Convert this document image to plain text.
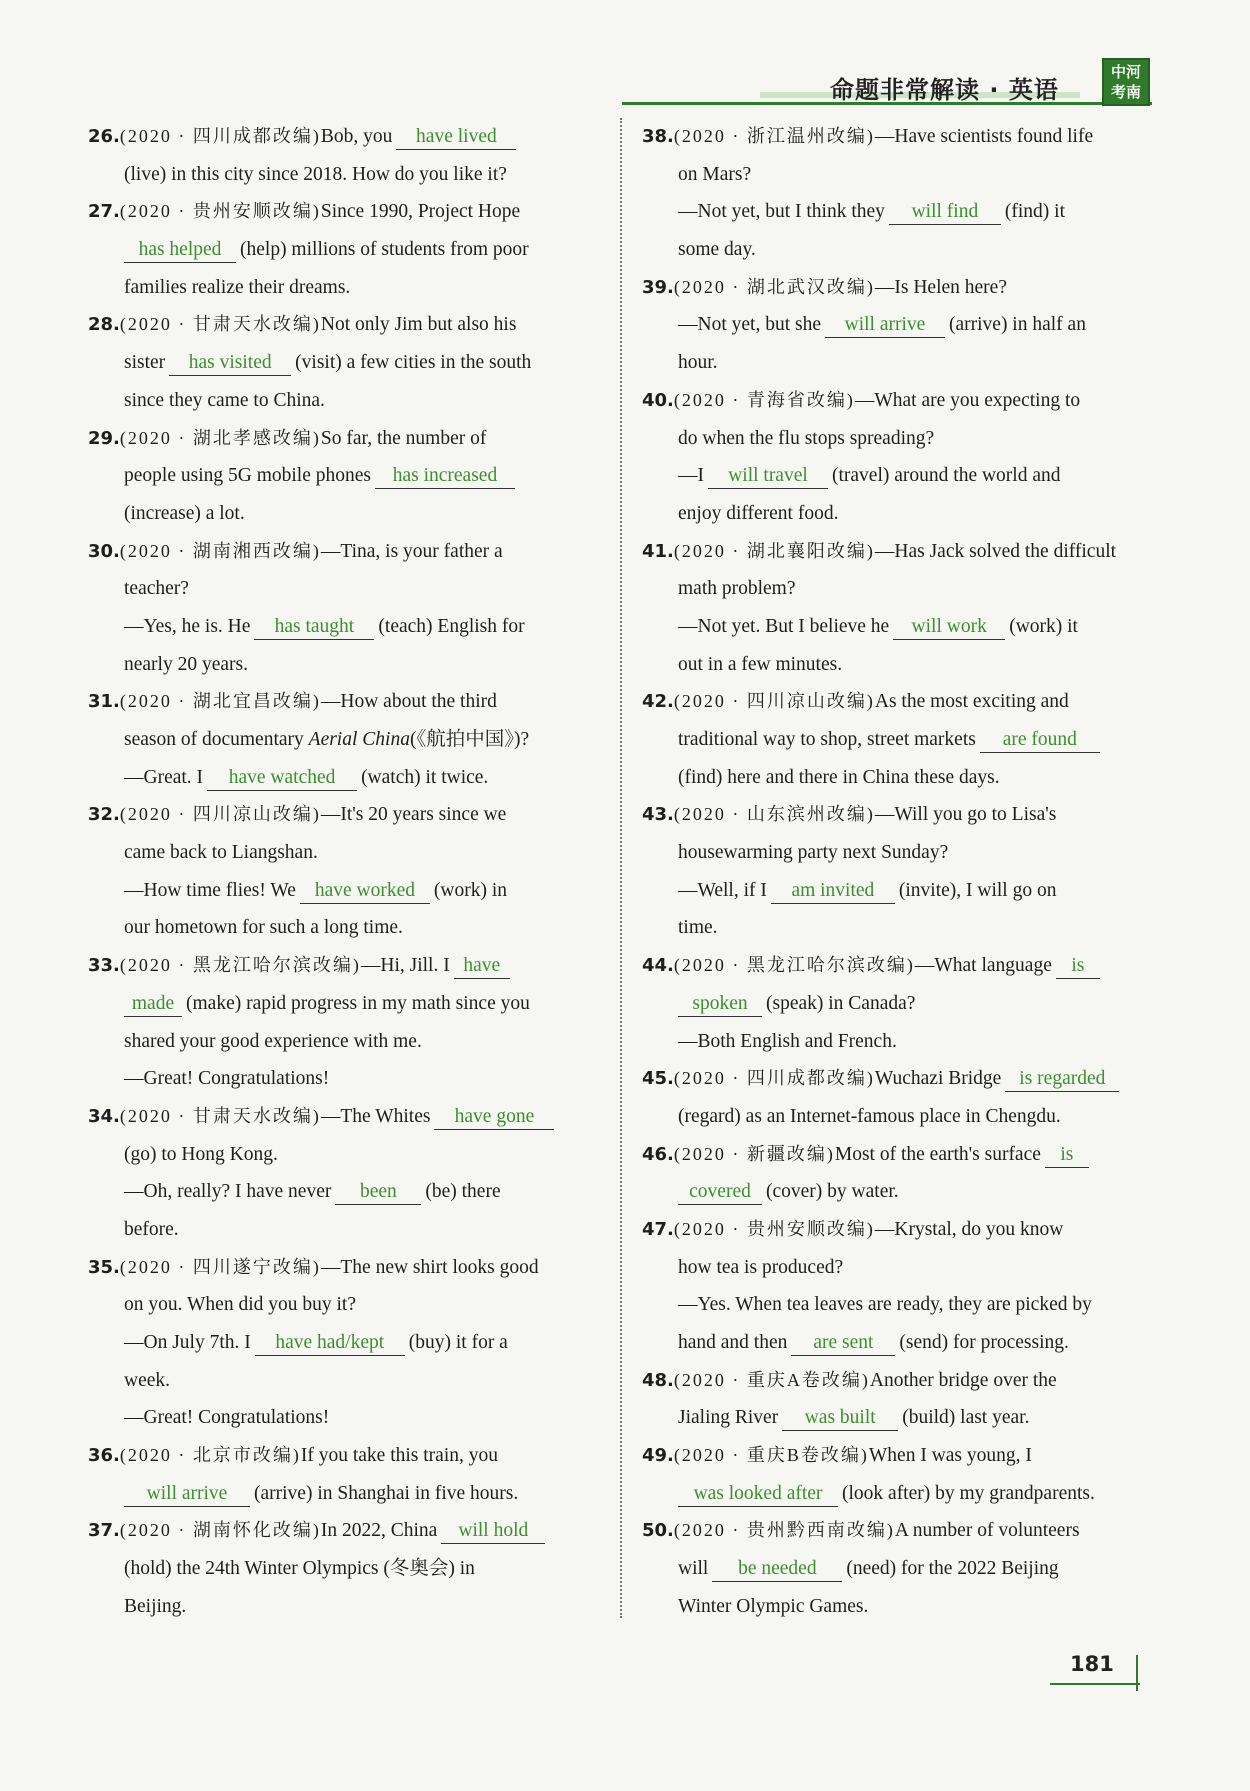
命题非常解读 · 英语
中河考南
26.(2020 · 四川成都改编)Bob, you have lived
(live) in this city since 2018. How do you like it?
27.(2020 · 贵州安顺改编)Since 1990, Project Hope
has helped (help) millions of students from poor
families realize their dreams.
28.(2020 · 甘肃天水改编)Not only Jim but also his
sister has visited (visit) a few cities in the south
since they came to China.
29.(2020 · 湖北孝感改编)So far, the number of
people using 5G mobile phones has increased
(increase) a lot.
30.(2020 · 湖南湘西改编)—Tina, is your father a
teacher?
—Yes, he is. He has taught (teach) English for
nearly 20 years.
31.(2020 · 湖北宜昌改编)—How about the third
season of documentary Aerial China(《航拍中国》)?
—Great. I have watched (watch) it twice.
32.(2020 · 四川凉山改编)—It's 20 years since we
came back to Liangshan.
—How time flies! We have worked (work) in
our hometown for such a long time.
33.(2020 · 黑龙江哈尔滨改编)—Hi, Jill. I have
made (make) rapid progress in my math since you
shared your good experience with me.
—Great! Congratulations!
34.(2020 · 甘肃天水改编)—The Whites have gone
(go) to Hong Kong.
—Oh, really? I have never been (be) there
before.
35.(2020 · 四川遂宁改编)—The new shirt looks good
on you. When did you buy it?
—On July 7th. I have had/kept (buy) it for a
week.
—Great! Congratulations!
36.(2020 · 北京市改编)If you take this train, you
will arrive (arrive) in Shanghai in five hours.
37.(2020 · 湖南怀化改编)In 2022, China will hold
(hold) the 24th Winter Olympics (冬奥会) in
Beijing.
38.(2020 · 浙江温州改编)—Have scientists found life
on Mars?
—Not yet, but I think they will find (find) it
some day.
39.(2020 · 湖北武汉改编)—Is Helen here?
—Not yet, but she will arrive (arrive) in half an
hour.
40.(2020 · 青海省改编)—What are you expecting to
do when the flu stops spreading?
—I will travel (travel) around the world and
enjoy different food.
41.(2020 · 湖北襄阳改编)—Has Jack solved the difficult
math problem?
—Not yet. But I believe he will work (work) it
out in a few minutes.
42.(2020 · 四川凉山改编)As the most exciting and
traditional way to shop, street markets are found
(find) here and there in China these days.
43.(2020 · 山东滨州改编)—Will you go to Lisa's
housewarming party next Sunday?
—Well, if I am invited (invite), I will go on
time.
44.(2020 · 黑龙江哈尔滨改编)—What language is
spoken (speak) in Canada?
—Both English and French.
45.(2020 · 四川成都改编)Wuchazi Bridge is regarded
(regard) as an Internet-famous place in Chengdu.
46.(2020 · 新疆改编)Most of the earth's surface is
covered (cover) by water.
47.(2020 · 贵州安顺改编)—Krystal, do you know
how tea is produced?
—Yes. When tea leaves are ready, they are picked by
hand and then are sent (send) for processing.
48.(2020 · 重庆A卷改编)Another bridge over the
Jialing River was built (build) last year.
49.(2020 · 重庆B卷改编)When I was young, I
was looked after (look after) by my grandparents.
50.(2020 · 贵州黔西南改编)A number of volunteers
will be needed (need) for the 2022 Beijing
Winter Olympic Games.
181
